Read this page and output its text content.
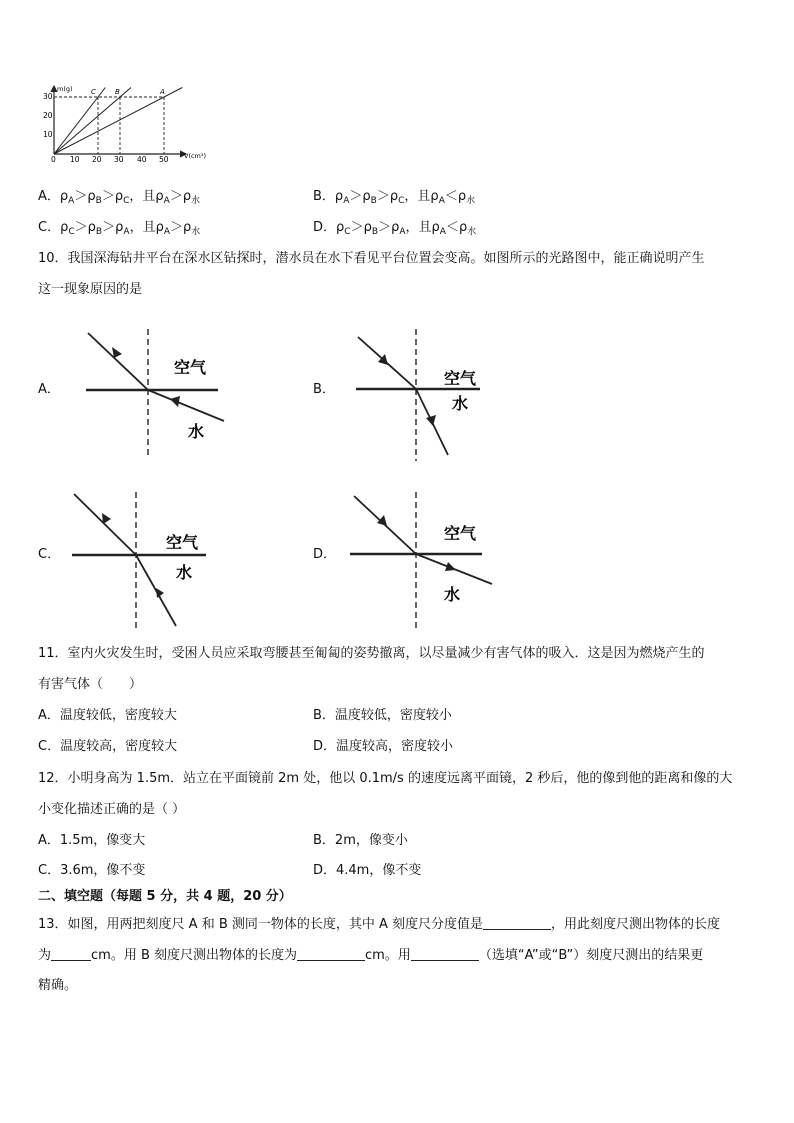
m(g)
V(cm³)
30
20
10
0 10 20 30 40 50
C	B	A
A．$\rho_A>\rho_B>\rho_C$，且$\rho_A>\rho_水$	B．$\rho_A>\rho_B>\rho_C$，且$\rho_A<\rho_水$
C．$\rho_C>\rho_B>\rho_A$，且$\rho_A>\rho_水$	D．$\rho_C>\rho_B>\rho_A$，且$\rho_A<\rho_水$
10．我国深海钻井平台在深水区钻探时，潜水员在水下看见平台位置会变高。如图所示的光路图中，能正确说明产生
这一现象原因的是
A．
空气
水
B．
空气
水
C．
空气
水
D．
空气
水
11．室内火灾发生时，受困人员应采取弯腰甚至匍匐的姿势撤离，以尽量减少有害气体的吸入．这是因为燃烧产生的
有害气体（　　）
A．温度较低，密度较大	B．温度较低，密度较小
C．温度较高，密度较大	D．温度较高，密度较小
12．小明身高为 1.5m．站立在平面镜前 2m 处，他以 0.1m/s 的速度远离平面镜，2 秒后，他的像到他的距离和像的大
小变化描述正确的是（ ）
A．1.5m，像变大	B．2m，像变小
C．3.6m，像不变	D．4.4m，像不变
二、填空题（每题 5 分，共 4 题，20 分）
13．如图，用两把刻度尺 A 和 B 测同一物体的长度，其中 A 刻度尺分度值是	，用此刻度尺测出物体的长度
为	cm。用 B 刻度尺测出物体的长度为	cm。用	（选填“A”或“B”）刻度尺测出的结果更
精确。
